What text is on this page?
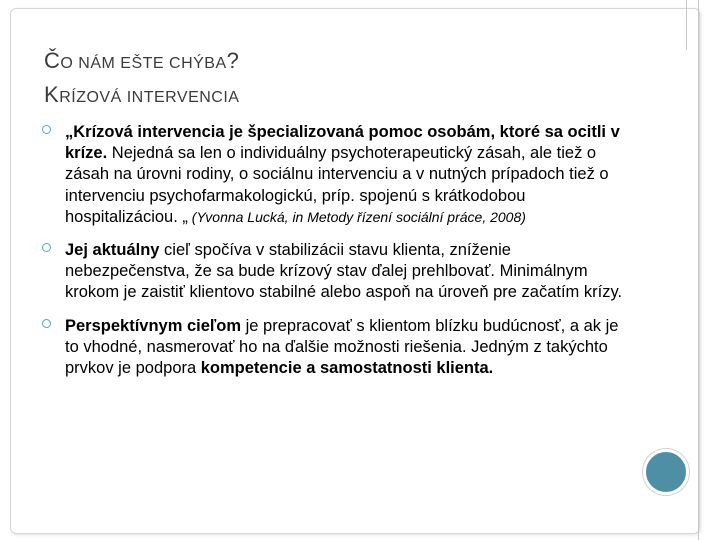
ČO NÁM EŠTE CHÝBA?
KRÍZOVÁ INTERVENCIA
„Krízová intervencia je špecializovaná pomoc osobám, ktoré sa ocitli v kríze. Nejedná sa len o individuálny psychoterapeutický zásah, ale tiež o zásah na úrovni rodiny, o sociálnu intervenciu a v nutných prípadoch tiež o intervenciu psychofarmakologickú, príp. spojenú s krátkodobou hospitalizáciou. „ (Yvonna Lucká, in Metody řízení sociální práce, 2008)
Jej aktuálny cieľ spočíva v stabilizácii stavu klienta, zníženie nebezpečenstva, že sa bude krízový stav ďalej prehlbovať. Minimálnym krokom je zaistiť klientovo stabilné alebo aspoň na úroveň pre začatím krízy.
Perspektívnym cieľom je prepracovať s klientom blízku budúcnosť, a ak je to vhodné, nasmerovať ho na ďalšie možnosti riešenia. Jedným z takýchto prvkov je podpora kompetencie a samostatnosti klienta.
